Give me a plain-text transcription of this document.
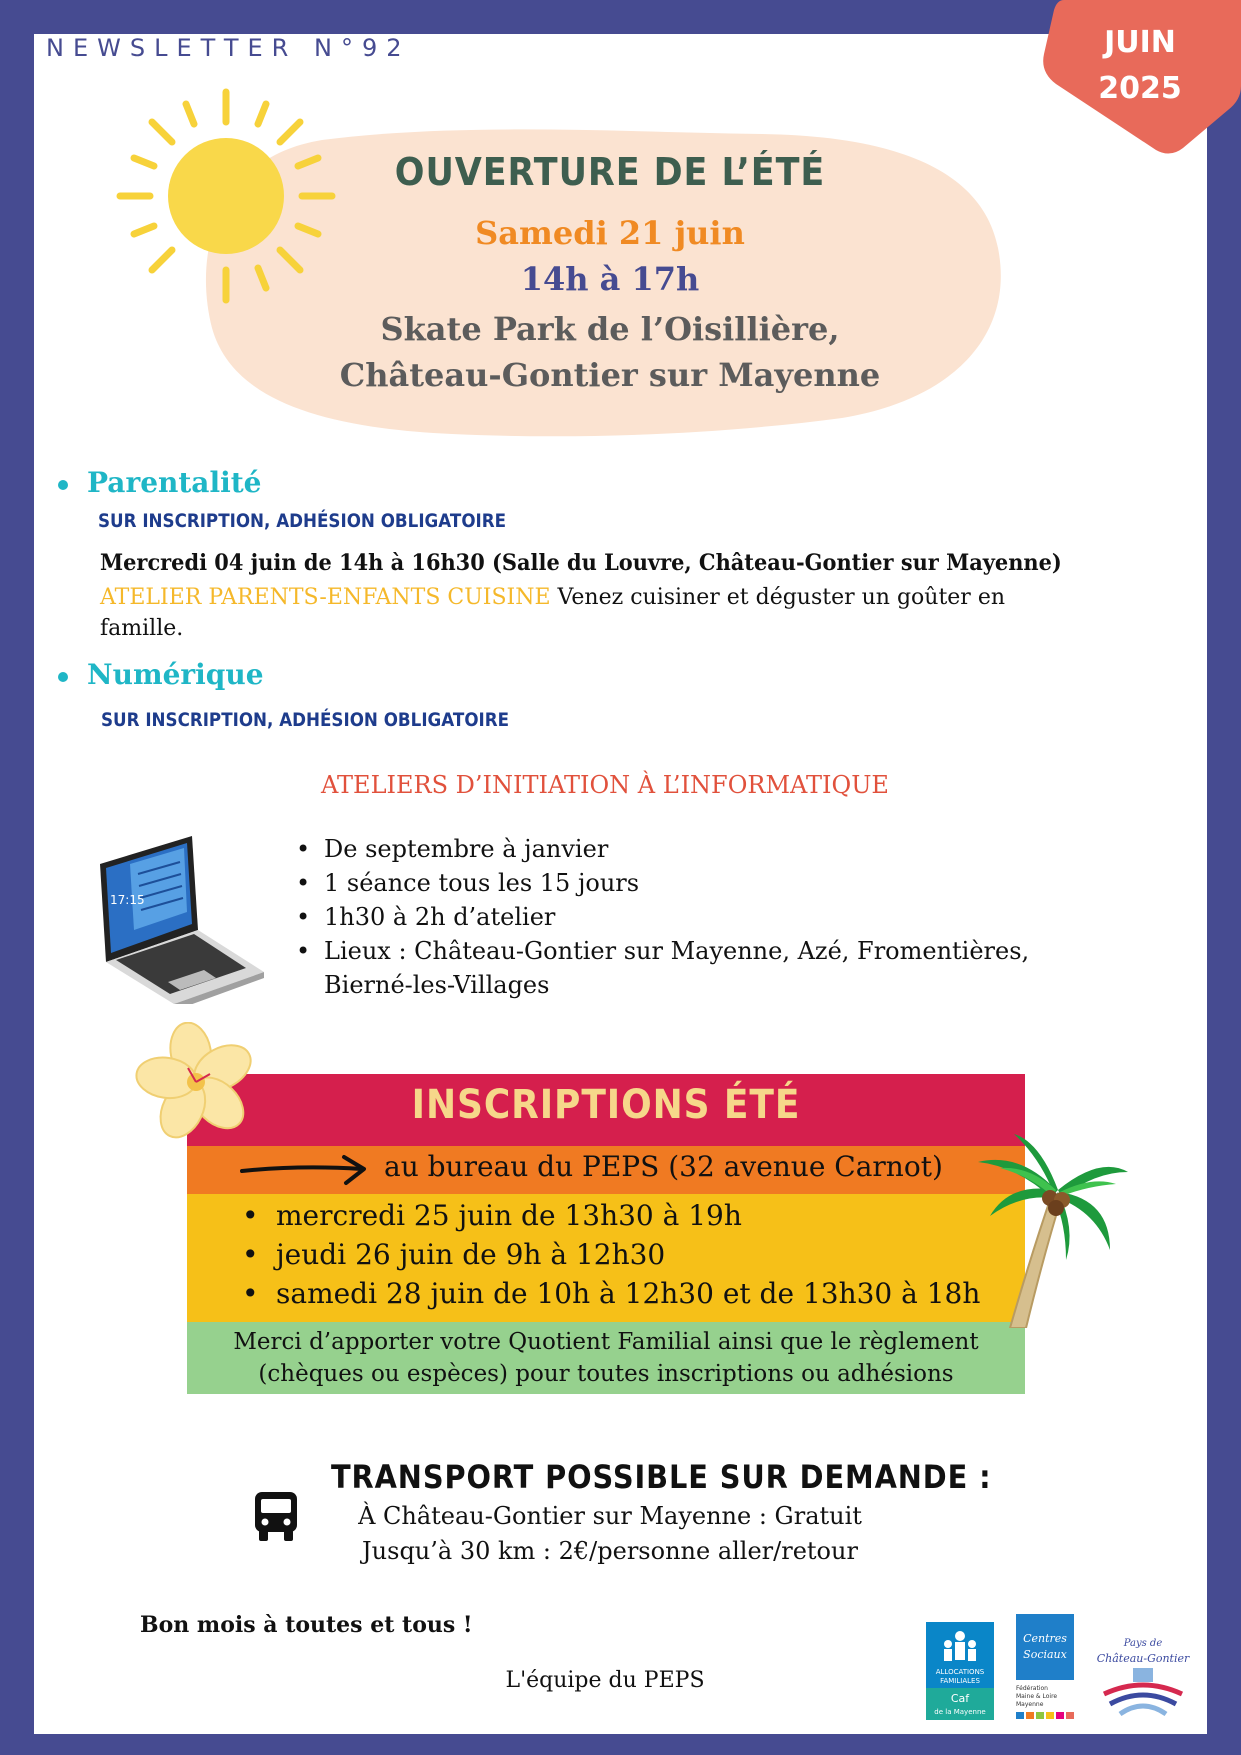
NEWSLETTER N°92	JUIN
2025
OUVERTURE DE L’ÉTÉ
Samedi 21 juin
14h à 17h
Skate Park de l’Oisillière,
Château-Gontier sur Mayenne
Parentalité
SUR INSCRIPTION, ADHÉSION OBLIGATOIRE
Mercredi 04 juin de 14h à 16h30 (Salle du Louvre, Château-Gontier sur Mayenne)
ATELIER PARENTS-ENFANTS CUISINE Venez cuisiner et déguster un goûter en famille.
Numérique
SUR INSCRIPTION, ADHÉSION OBLIGATOIRE
ATELIERS D’INITIATION À L’INFORMATIQUE
17:15
• De septembre à janvier
• 1 séance tous les 15 jours
• 1h30 à 2h d’atelier
• Lieux : Château-Gontier sur Mayenne, Azé, Fromentières, Bierné-les-Villages
INSCRIPTIONS ÉTÉ
au bureau du PEPS (32 avenue Carnot)
• mercredi 25 juin de 13h30 à 19h
• jeudi 26 juin de 9h à 12h30
• samedi 28 juin de 10h à 12h30 et de 13h30 à 18h
Merci d’apporter votre Quotient Familial ainsi que le règlement
(chèques ou espèces) pour toutes inscriptions ou adhésions
TRANSPORT POSSIBLE SUR DEMANDE :
À Château-Gontier sur Mayenne : Gratuit
Jusqu’à 30 km : 2€/personne aller/retour
Bon mois à toutes et tous !
L'équipe du PEPS	ALLOCATIONS
FAMILIALES
Caf
de la Mayenne
Centres
Sociaux
Fédération
Maine & Loire
Mayenne
Pays de
Château-Gontier
